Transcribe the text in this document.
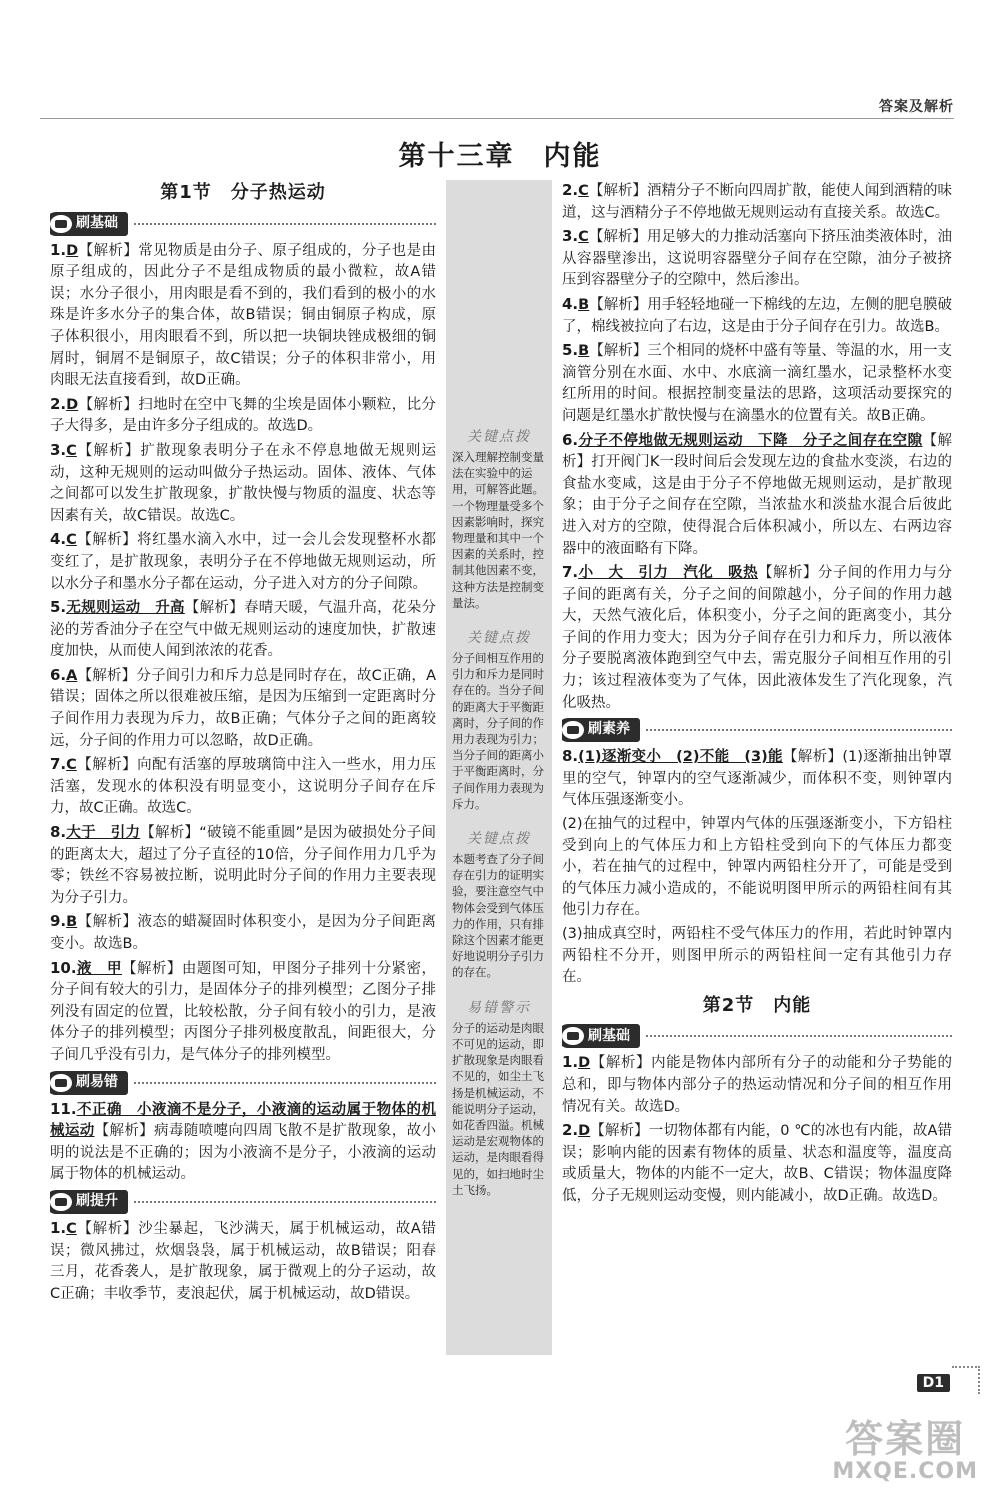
答案及解析
第十三章　内能
第1节　分子热运动
刷基础

1.D【解析】常见物质是由分子、原子组成的，分子也是由原子组成的，因此分子不是组成物质的最小微粒，故A错误；水分子很小，用肉眼是看不到的，我们看到的极小的水珠是许多水分子的集合体，故B错误；铜由铜原子构成，原子体积很小，用肉眼看不到，所以把一块铜块锉成极细的铜屑时，铜屑不是铜原子，故C错误；分子的体积非常小，用肉眼无法直接看到，故D正确。

2.D【解析】扫地时在空中飞舞的尘埃是固体小颗粒，比分子大得多，是由许多分子组成的。故选D。

3.C【解析】扩散现象表明分子在永不停息地做无规则运动，这种无规则的运动叫做分子热运动。固体、液体、气体之间都可以发生扩散现象，扩散快慢与物质的温度、状态等因素有关，故C错误。故选C。

4.C【解析】将红墨水滴入水中，过一会儿会发现整杯水都变红了，是扩散现象，表明分子在不停地做无规则运动，所以水分子和墨水分子都在运动，分子进入对方的分子间隙。

5.无规则运动　升高【解析】春晴天暖，气温升高，花朵分泌的芳香油分子在空气中做无规则运动的速度加快，扩散速度加快，从而使人闻到浓浓的花香。

6.A【解析】分子间引力和斥力总是同时存在，故C正确，A错误；固体之所以很难被压缩，是因为压缩到一定距离时分子间作用力表现为斥力，故B正确；气体分子之间的距离较远，分子间的作用力可以忽略，故D正确。

7.C【解析】向配有活塞的厚玻璃筒中注入一些水，用力压活塞，发现水的体积没有明显变小，这说明分子间存在斥力，故C正确。故选C。

8.大于　引力【解析】“破镜不能重圆”是因为破损处分子间的距离太大，超过了分子直径的10倍，分子间作用力几乎为零；铁丝不容易被拉断，说明此时分子间的作用力主要表现为分子引力。

9.B【解析】液态的蜡凝固时体积变小，是因为分子间距离变小。故选B。

10.液　甲【解析】由题图可知，甲图分子排列十分紧密，分子间有较大的引力，是固体分子的排列模型；乙图分子排列没有固定的位置，比较松散，分子间有较小的引力，是液体分子的排列模型；丙图分子排列极度散乱，间距很大，分子间几乎没有引力，是气体分子的排列模型。

刷易错

11.不正确　小液滴不是分子，小液滴的运动属于物体的机械运动【解析】病毒随喷嚏向四周飞散不是扩散现象，故小明的说法是不正确的；因为小液滴不是分子，小液滴的运动属于物体的机械运动。

刷提升

1.C【解析】沙尘暴起，飞沙满天，属于机械运动，故A错误；微风拂过，炊烟袅袅，属于机械运动，故B错误；阳春三月，花香袭人，是扩散现象，属于微观上的分子运动，故C正确；丰收季节，麦浪起伏，属于机械运动，故D错误。

关键点拨
深入理解控制变量法在实验中的运用，可解答此题。一个物理量受多个因素影响时，探究物理量和其中一个因素的关系时，控制其他因素不变，这种方法是控制变量法。
关键点拨
分子间相互作用的引力和斥力是同时存在的。当分子间的距离大于平衡距离时，分子间的作用力表现为引力；当分子间的距离小于平衡距离时，分子间作用力表现为斥力。
关键点拨
本题考查了分子间存在引力的证明实验，要注意空气中物体会受到气体压力的作用，只有排除这个因素才能更好地说明分子引力的存在。
易错警示
分子的运动是肉眼不可见的运动，即扩散现象是肉眼看不见的，如尘土飞扬是机械运动，不能说明分子运动，如花香四溢。机械运动是宏观物体的运动，是肉眼看得见的，如扫地时尘土飞扬。

2.C【解析】酒精分子不断向四周扩散，能使人闻到酒精的味道，这与酒精分子不停地做无规则运动有直接关系。故选C。

3.C【解析】用足够大的力推动活塞向下挤压油类液体时，油从容器壁渗出，这说明容器壁分子间存在空隙，油分子被挤压到容器壁分子的空隙中，然后渗出。

4.B【解析】用手轻轻地碰一下棉线的左边，左侧的肥皂膜破了，棉线被拉向了右边，这是由于分子间存在引力。故选B。

5.B【解析】三个相同的烧杯中盛有等量、等温的水，用一支滴管分别在水面、水中、水底滴一滴红墨水，记录整杯水变红所用的时间。根据控制变量法的思路，这项活动要探究的问题是红墨水扩散快慢与在滴墨水的位置有关。故B正确。

6.分子不停地做无规则运动　下降　分子之间存在空隙【解析】打开阀门K一段时间后会发现左边的食盐水变淡，右边的食盐水变咸，这是由于分子不停地做无规则运动，是扩散现象；由于分子之间存在空隙，当浓盐水和淡盐水混合后彼此进入对方的空隙，使得混合后体积减小，所以左、右两边容器中的液面略有下降。

7.小　大　引力　汽化　吸热【解析】分子间的作用力与分子间的距离有关，分子之间的间隙越小，分子间的作用力越大，天然气液化后，体积变小，分子之间的距离变小，其分子间的作用力变大；因为分子间存在引力和斥力，所以液体分子要脱离液体跑到空气中去，需克服分子间相互作用的引力；该过程液体变为了气体，因此液体发生了汽化现象，汽化吸热。

刷素养

8.(1)逐渐变小　(2)不能　(3)能【解析】(1)逐渐抽出钟罩里的空气，钟罩内的空气逐渐减少，而体积不变，则钟罩内气体压强逐渐变小。

(2)在抽气的过程中，钟罩内气体的压强逐渐变小，下方铅柱受到向上的气体压力和上方铅柱受到向下的气体压力都变小，若在抽气的过程中，钟罩内两铅柱分开了，可能是受到的气体压力减小造成的，不能说明图甲所示的两铅柱间有其他引力存在。

(3)抽成真空时，两铅柱不受气体压力的作用，若此时钟罩内两铅柱不分开，则图甲所示的两铅柱间一定有其他引力存在。

第2节　内能
刷基础

1.D【解析】内能是物体内部所有分子的动能和分子势能的总和，即与物体内部分子的热运动情况和分子间的相互作用情况有关。故选D。

2.D【解析】一切物体都有内能，0 ℃的冰也有内能，故A错误；影响内能的因素有物体的质量、状态和温度等，温度高或质量大，物体的内能不一定大，故B、C错误；物体温度降低，分子无规则运动变慢，则内能减小，故D正确。故选D。

D1
答案圈
MXQE.COM
